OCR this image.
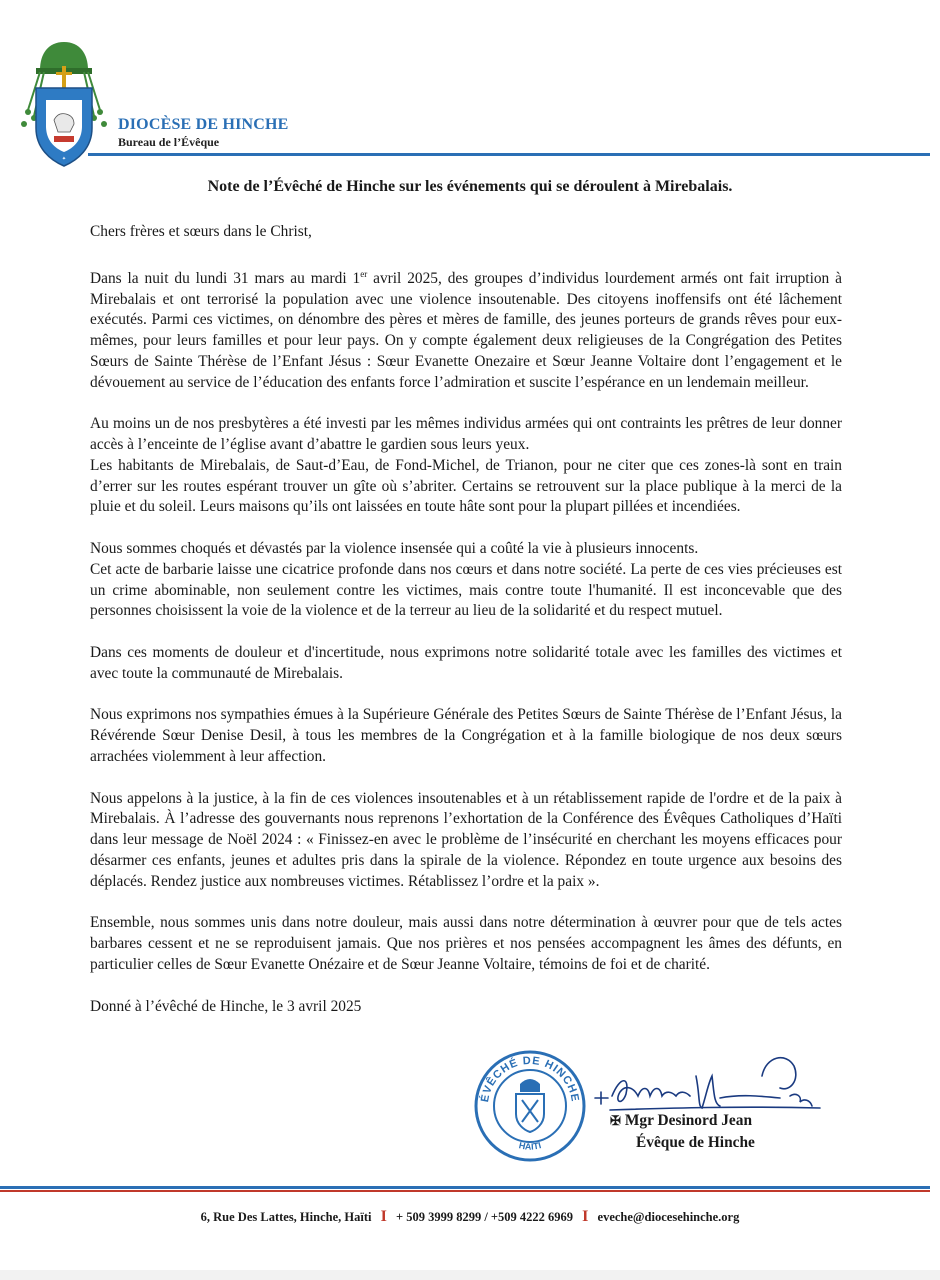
✦
DIOCÈSE DE HINCHE
Bureau de l’Évêque
Note de l’Évêché de Hinche sur les événements qui se déroulent à Mirebalais.

Chers frères et sœurs dans le Christ,

Dans la nuit du lundi 31 mars au mardi 1er avril 2025, des groupes d’individus lourdement armés ont fait irruption à Mirebalais et ont terrorisé la population avec une violence insoutenable. Des citoyens inoffensifs ont été lâchement exécutés. Parmi ces victimes, on dénombre des pères et mères de famille, des jeunes porteurs de grands rêves pour eux-mêmes, pour leurs familles et pour leur pays. On y compte également deux religieuses de la Congrégation des Petites Sœurs de Sainte Thérèse de l’Enfant Jésus : Sœur Evanette Onezaire et Sœur Jeanne Voltaire dont l’engagement et le dévouement au service de l’éducation des enfants force l’admiration et suscite l’espérance en un lendemain meilleur.

Au moins un de nos presbytères a été investi par les mêmes individus armées qui ont contraints les prêtres de leur donner accès à l’enceinte de l’église avant d’abattre le gardien sous leurs yeux.

Les habitants de Mirebalais, de Saut-d’Eau, de Fond-Michel, de Trianon, pour ne citer que ces zones-là sont en train d’errer sur les routes espérant trouver un gîte où s’abriter. Certains se retrouvent sur la place publique à la merci de la pluie et du soleil. Leurs maisons qu’ils ont laissées en toute hâte sont pour la plupart pillées et incendiées.

Nous sommes choqués et dévastés par la violence insensée qui a coûté la vie à plusieurs innocents.

Cet acte de barbarie laisse une cicatrice profonde dans nos cœurs et dans notre société. La perte de ces vies précieuses est un crime abominable, non seulement contre les victimes, mais contre toute l'humanité. Il est inconcevable que des personnes choisissent la voie de la violence et de la terreur au lieu de la solidarité et du respect mutuel.

Dans ces moments de douleur et d'incertitude, nous exprimons notre solidarité totale avec les familles des victimes et avec toute la communauté de Mirebalais.

Nous exprimons nos sympathies émues à la Supérieure Générale des Petites Sœurs de Sainte Thérèse de l’Enfant Jésus, la Révérende Sœur Denise Desil, à tous les membres de la Congrégation et à la famille biologique de nos deux sœurs arrachées violemment à leur affection.

Nous appelons à la justice, à la fin de ces violences insoutenables et à un rétablissement rapide de l'ordre et de la paix à Mirebalais. À l’adresse des gouvernants nous reprenons l’exhortation de la Conférence des Évêques Catholiques d’Haïti dans leur message de Noël 2024 : « Finissez-en avec le problème de l’insécurité en cherchant les moyens efficaces pour désarmer ces enfants, jeunes et adultes pris dans la spirale de la violence. Répondez en toute urgence aux besoins des déplacés. Rendez justice aux nombreuses victimes. Rétablissez l’ordre et la paix ».

Ensemble, nous sommes unis dans notre douleur, mais aussi dans notre détermination à œuvrer pour que de tels actes barbares cessent et ne se reproduisent jamais. Que nos prières et nos pensées accompagnent les âmes des défunts, en particulier celles de Sœur Evanette Onézaire et de Sœur Jeanne Voltaire, témoins de foi et de charité.

Donné à l’évêché de Hinche, le 3 avril 2025

ÉVÊCHÉ DE HINCHE
HAÏTI
✠ Mgr Desinord Jean
Évêque de Hinche
6, Rue Des Lattes, Hinche, Haïti I + 509 3999 8299 / +509 4222 6969 I eveche@diocesehinche.org
